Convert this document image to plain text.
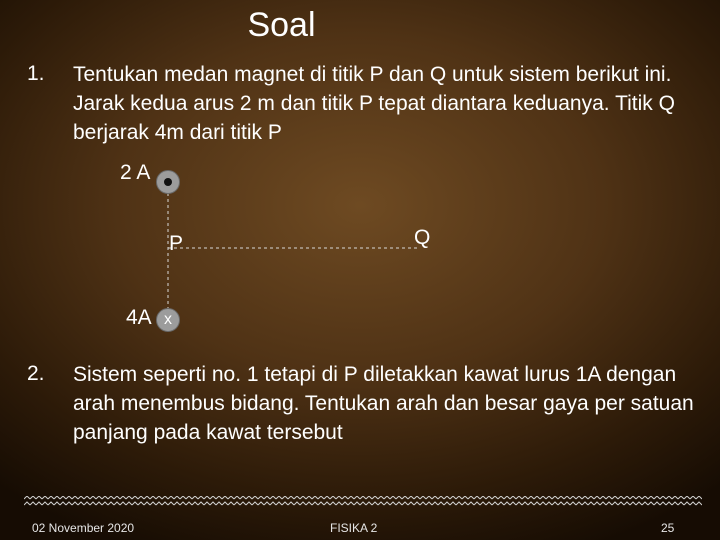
Soal
1. Tentukan medan magnet di titik P dan Q untuk sistem berikut ini. Jarak kedua arus 2 m dan titik P tepat diantara keduanya. Titik Q berjarak 4m dari titik P
2 A
P	Q
4A x
2. Sistem seperti no. 1 tetapi di P diletakkan kawat lurus 1A dengan arah menembus bidang. Tentukan arah dan besar gaya per satuan panjang pada kawat tersebut
02 November 2020	FISIKA 2	25
